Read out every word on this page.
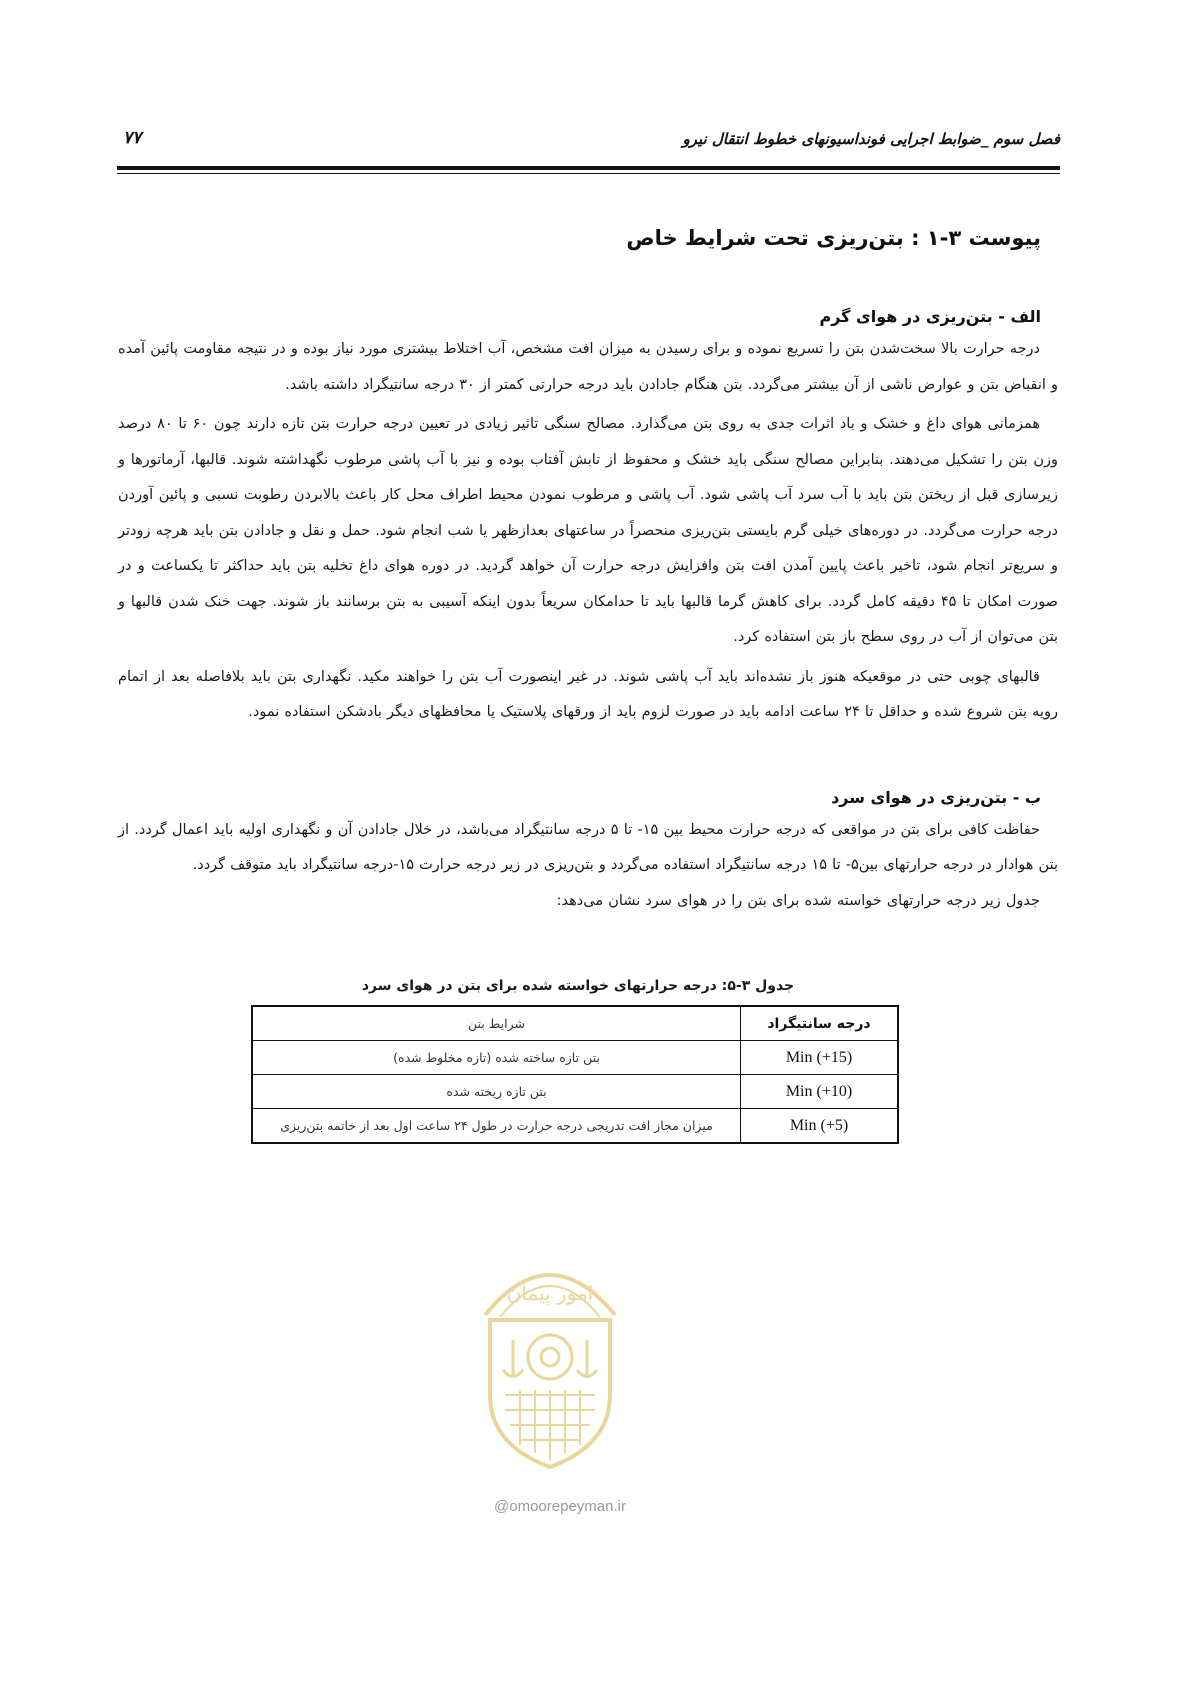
فصل سوم _ضوابط اجرایی فونداسیونهای خطوط انتقال نیرو
۷۷
پیوست ۳-۱ : بتن‌ریزی تحت شرایط خاص
الف - بتن‌ریزی در هوای گرم

درجه حرارت بالا سخت‌شدن بتن را تسریع نموده و برای رسیدن به میزان افت مشخص، آب اختلاط بیشتری مورد نیاز بوده و در نتیجه مقاومت پائین آمده و انقباض بتن و عوارض ناشی از آن بیشتر می‌گردد. بتن هنگام جادادن باید درجه حرارتی کمتر از ۳۰ درجه سانتیگراد داشته باشد.

همزمانی هوای داغ و خشک و باد اثرات جدی به روی بتن می‌گذارد. مصالح سنگی تاثیر زیادی در تعیین درجه حرارت بتن تازه دارند چون ۶۰ تا ۸۰ درصد وزن بتن را تشکیل می‌دهند. بنابراین مصالح سنگی باید خشک و محفوظ از تابش آفتاب بوده و نیز با آب پاشی مرطوب نگهداشته شوند. قالبها، آرماتورها و زیرسازی قبل از ریختن بتن باید با آب سرد آب پاشی شود. آب پاشی و مرطوب نمودن محیط اطراف محل کار باعث بالابردن رطوبت نسبی و پائین آوردن درجه حرارت می‌گردد. در دوره‌های خیلی گرم بایستی بتن‌ریزی منحصراً در ساعتهای بعدازظهر یا شب انجام شود. حمل و نقل و جادادن بتن باید هرچه زودتر و سریع‌تر انجام شود، تاخیر باعث پایین آمدن افت بتن وافزایش درجه حرارت آن خواهد گردید. در دوره هوای داغ تخلیه بتن باید حداکثر تا یکساعت و در صورت امکان تا ۴۵ دقیقه کامل گردد. برای کاهش گرما قالبها باید تا حدامکان سریعاً بدون اینکه آسیبی به بتن برسانند باز شوند. جهت خنک شدن قالبها و بتن می‌توان از آب در روی سطح باز بتن استفاده کرد.

قالبهای چوبی حتی در موقعیکه هنوز باز نشده‌اند باید آب پاشی شوند. در غیر اینصورت آب بتن را خواهند مکید. نگهداری بتن باید بلافاصله بعد از اتمام رویه بتن شروع شده و حداقل تا ۲۴ ساعت ادامه باید در صورت لزوم باید از ورقهای پلاستیک یا محافظهای دیگر بادشکن استفاده نمود.

ب - بتن‌ریزی در هوای سرد

حفاظت کافی برای بتن در مواقعی که درجه حرارت محیط بین ۱۵- تا ۵ درجه سانتیگراد می‌باشد، در خلال جادادن آن و نگهداری اولیه باید اعمال گردد. از بتن هوادار در درجه حرارتهای بین۵- تا ۱۵ درجه سانتیگراد استفاده می‌گردد و بتن‌ریزی در زیر درجه حرارت ۱۵-درجه سانتیگراد باید متوقف گردد.

جدول زیر درجه حرارتهای خواسته شده برای بتن را در هوای سرد نشان می‌دهد:

جدول ۳-۵: درجه حرارتهای خواسته شده برای بتن در هوای سرد

درجه سانتیگراد	شرایط بتن
Min (+15)	بتن تازه ساخته شده (تازه مخلوط شده)
Min (+10)	بتن تازه ریخته شده
Min (+5)	میزان مجاز افت تدریجی درجه حرارت در طول ۲۴ ساعت اول بعد از خاتمه بتن‌ریزی
امور پیمان
@omoorepeyman.ir
